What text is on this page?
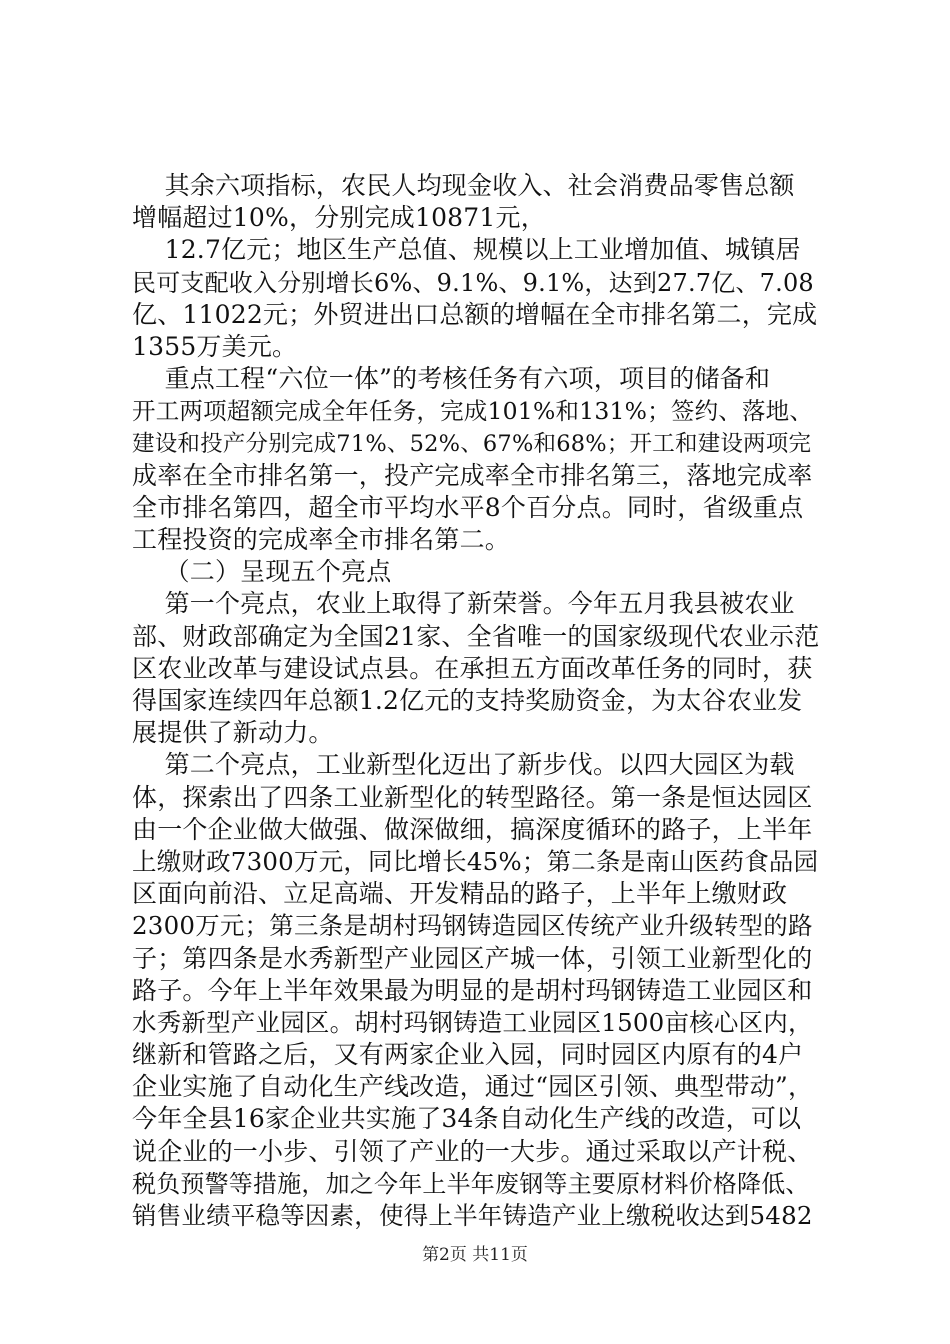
其余六项指标，农民人均现金收入、社会消费品零售总额
增幅超过10%，分别完成10871元，
12.7亿元；地区生产总值、规模以上工业增加值、城镇居
民可支配收入分别增长6%、9.1%、9.1%，达到27.7亿、7.08
亿、11022元；外贸进出口总额的增幅在全市排名第二，完成
1355万美元。
重点工程“六位一体”的考核任务有六项，项目的储备和
开工两项超额完成全年任务，完成101%和131%；签约、落地、
建设和投产分别完成71%、52%、67%和68%；开工和建设两项完
成率在全市排名第一，投产完成率全市排名第三，落地完成率
全市排名第四，超全市平均水平8个百分点。同时，省级重点
工程投资的完成率全市排名第二。
（二）呈现五个亮点
第一个亮点，农业上取得了新荣誉。今年五月我县被农业
部、财政部确定为全国21家、全省唯一的国家级现代农业示范
区农业改革与建设试点县。在承担五方面改革任务的同时，获
得国家连续四年总额1.2亿元的支持奖励资金，为太谷农业发
展提供了新动力。
第二个亮点，工业新型化迈出了新步伐。以四大园区为载
体，探索出了四条工业新型化的转型路径。第一条是恒达园区
由一个企业做大做强、做深做细，搞深度循环的路子，上半年
上缴财政7300万元，同比增长45%；第二条是南山医药食品园
区面向前沿、立足高端、开发精品的路子，上半年上缴财政
2300万元；第三条是胡村玛钢铸造园区传统产业升级转型的路
子；第四条是水秀新型产业园区产城一体，引领工业新型化的
路子。今年上半年效果最为明显的是胡村玛钢铸造工业园区和
水秀新型产业园区。胡村玛钢铸造工业园区1500亩核心区内，
继新和管路之后，又有两家企业入园，同时园区内原有的4户
企业实施了自动化生产线改造，通过“园区引领、典型带动”，
今年全县16家企业共实施了34条自动化生产线的改造，可以
说企业的一小步、引领了产业的一大步。通过采取以产计税、
税负预警等措施，加之今年上半年废钢等主要原材料价格降低、
销售业绩平稳等因素，使得上半年铸造产业上缴税收达到5482
第2页 共11页
